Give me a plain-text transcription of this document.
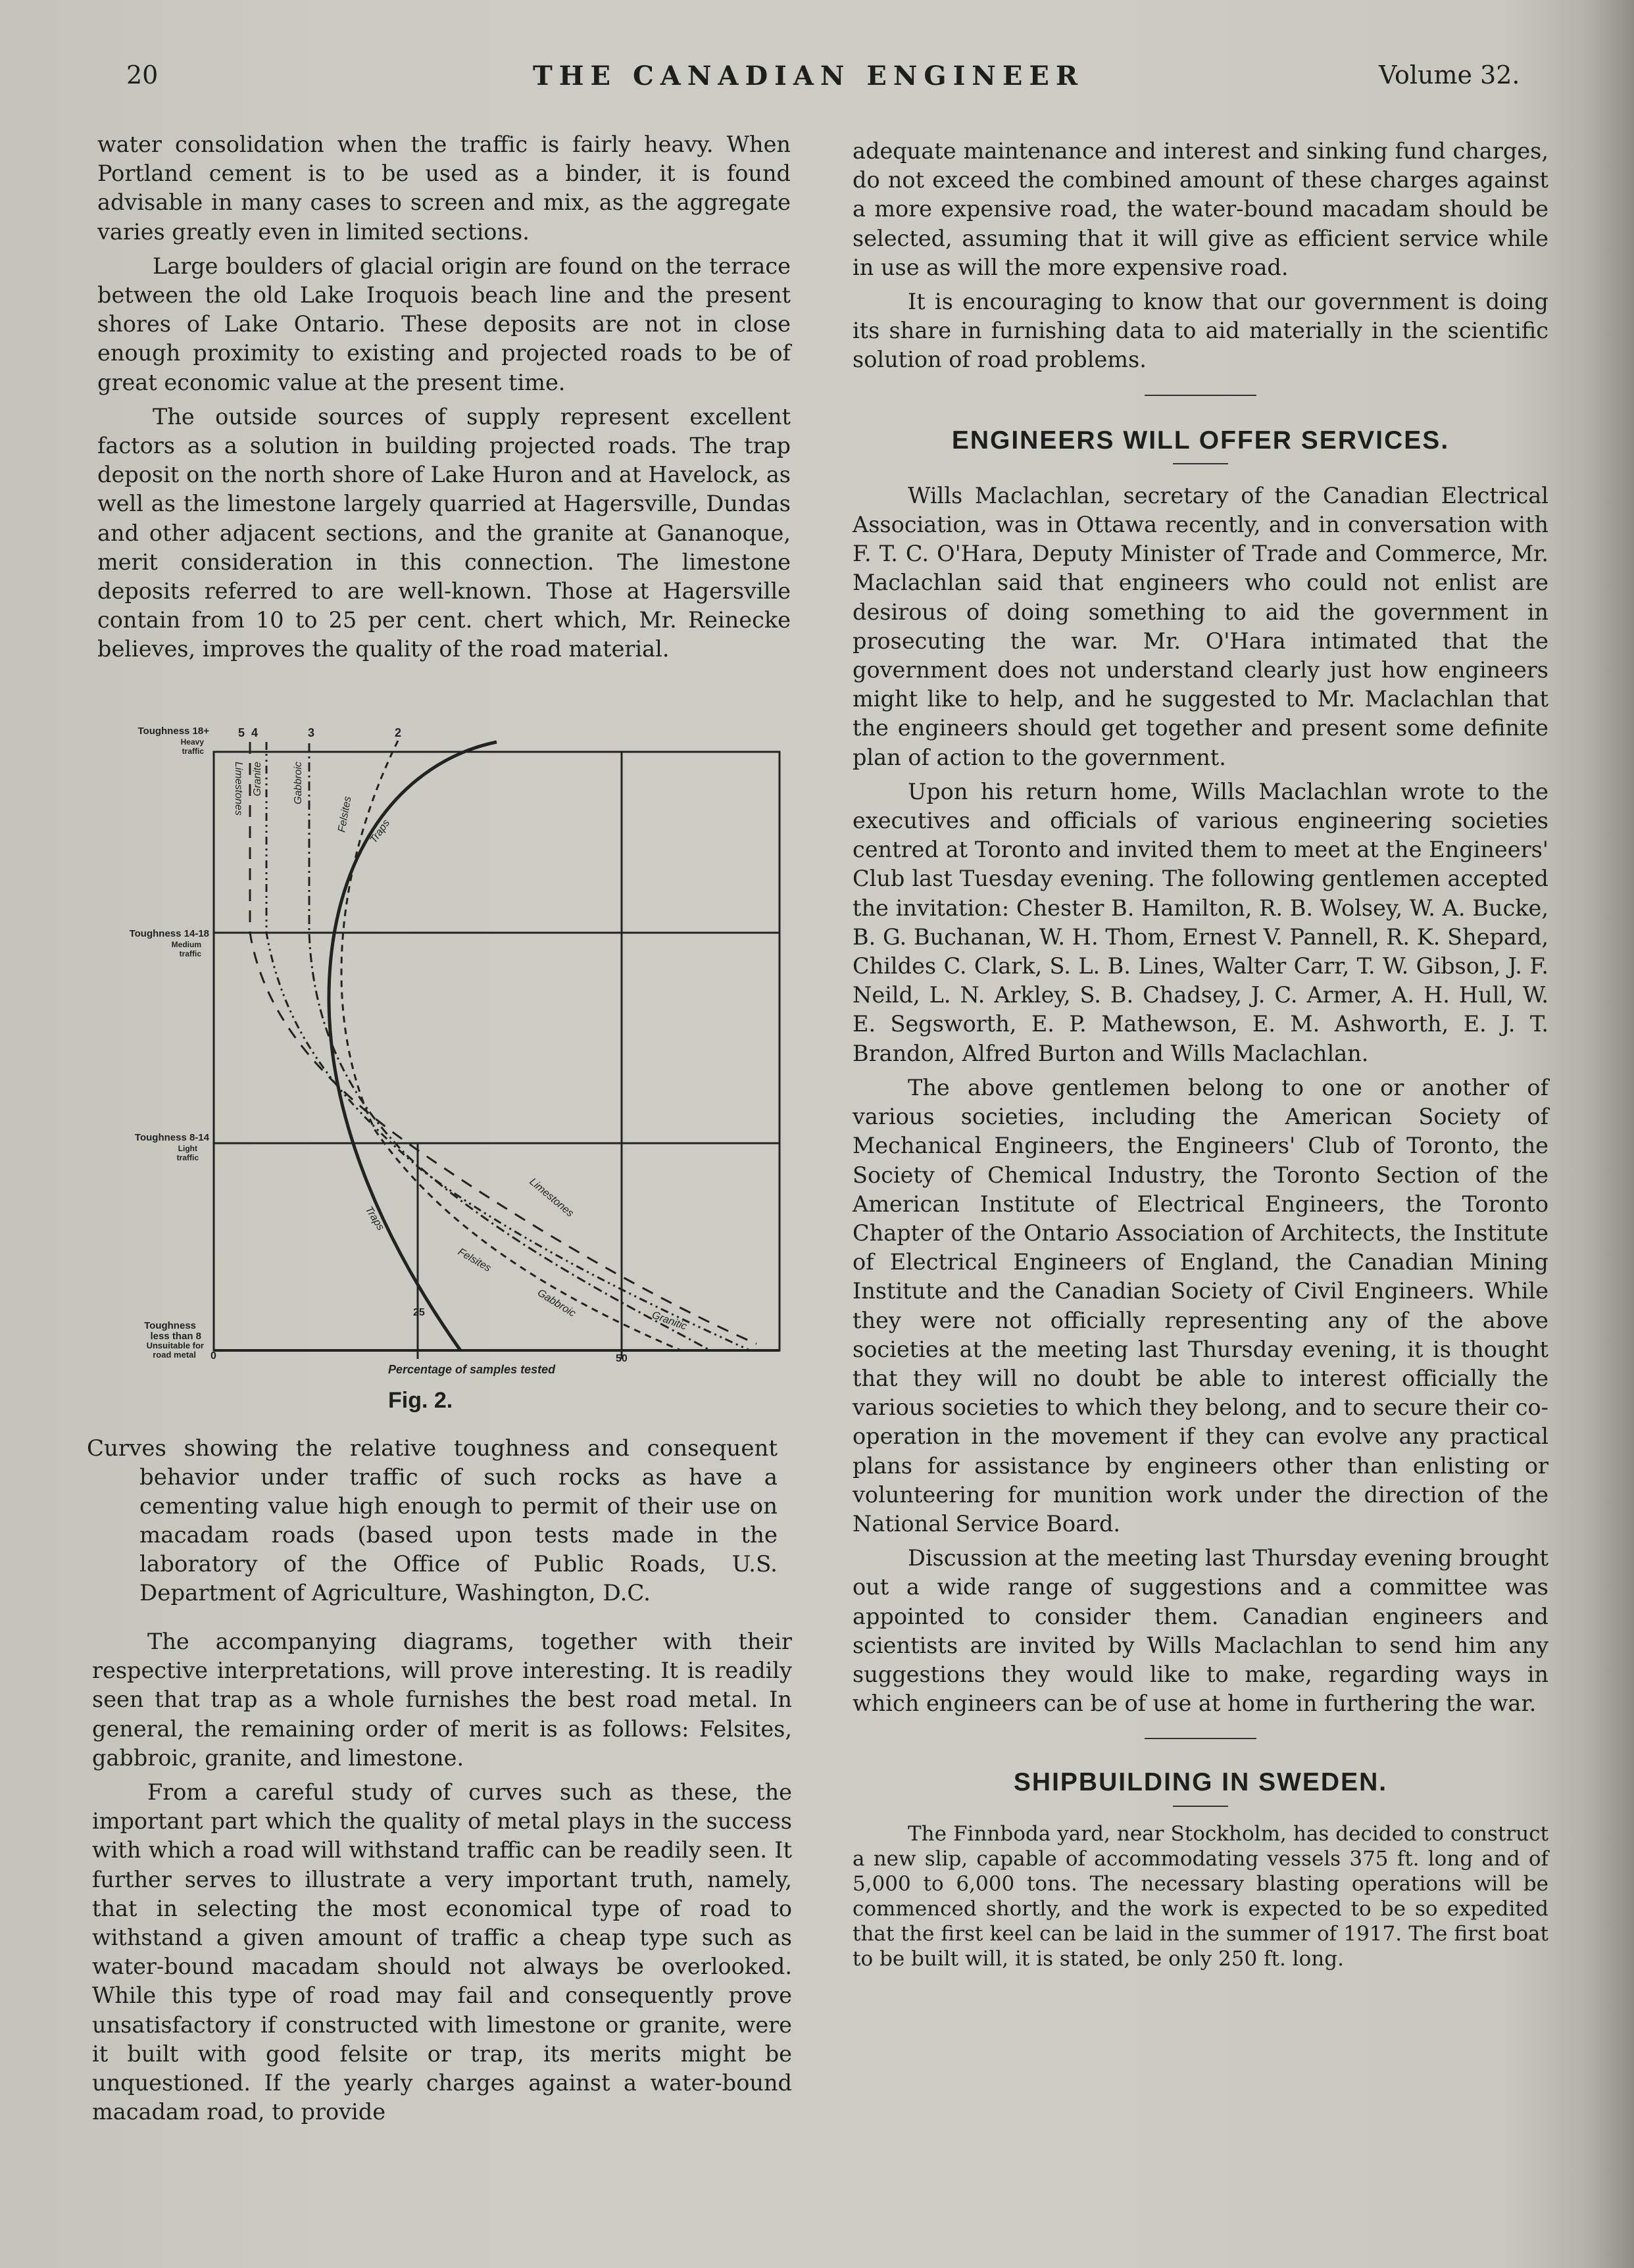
20	THE CANADIAN ENGINEER	Volume 32.

water consolidation when the traffic is fairly heavy. When Portland cement is to be used as a binder, it is found advisable in many cases to screen and mix, as the aggregate varies greatly even in limited sections.

Large boulders of glacial origin are found on the terrace between the old Lake Iroquois beach line and the present shores of Lake Ontario. These deposits are not in close enough proximity to existing and projected roads to be of great economic value at the present time.

The outside sources of supply represent excellent factors as a solution in building projected roads. The trap deposit on the north shore of Lake Huron and at Havelock, as well as the limestone largely quarried at Hagersville, Dundas and other adjacent sections, and the granite at Gananoque, merit consideration in this connection. The limestone deposits referred to are well-known. Those at Hagersville contain from 10 to 25 per cent. chert which, Mr. Reinecke believes, improves the quality of the road material.

5 4	3	2
Toughness 18+
Heavy
traffic
Toughness 14-18
Medium
traffic
Toughness 8-14
Light
traffic
Toughness
less than 8
Unsuitable for
road metal 0
25
50
Percentage of samples tested
Limestones Granite	Gabbroic
Felsites Traps
Limestones
Granitic
Gabbroic
Felsites
Traps
Fig. 2.
Curves showing the relative toughness and consequent behavior under traffic of such rocks as have a cementing value high enough to permit of their use on macadam roads (based upon tests made in the laboratory of the Office of Public Roads, U.S. Department of Agriculture, Washington, D.C.

The accompanying diagrams, together with their respective interpretations, will prove interesting. It is readily seen that trap as a whole furnishes the best road metal. In general, the remaining order of merit is as follows: Felsites, gabbroic, granite, and limestone.

From a careful study of curves such as these, the important part which the quality of metal plays in the success with which a road will withstand traffic can be readily seen. It further serves to illustrate a very important truth, namely, that in selecting the most economical type of road to withstand a given amount of traffic a cheap type such as water-bound macadam should not always be overlooked. While this type of road may fail and consequently prove unsatisfactory if constructed with limestone or granite, were it built with good felsite or trap, its merits might be unquestioned. If the yearly charges against a water-bound macadam road, to provide

adequate maintenance and interest and sinking fund charges, do not exceed the combined amount of these charges against a more expensive road, the water-bound macadam should be selected, assuming that it will give as efficient service while in use as will the more expensive road.

It is encouraging to know that our government is doing its share in furnishing data to aid materially in the scientific solution of road problems.

ENGINEERS WILL OFFER SERVICES.

Wills Maclachlan, secretary of the Canadian Electrical Association, was in Ottawa recently, and in conversation with F. T. C. O'Hara, Deputy Minister of Trade and Commerce, Mr. Maclachlan said that engineers who could not enlist are desirous of doing something to aid the government in prosecuting the war. Mr. O'Hara intimated that the government does not understand clearly just how engineers might like to help, and he suggested to Mr. Maclachlan that the engineers should get together and present some definite plan of action to the government.

Upon his return home, Wills Maclachlan wrote to the executives and officials of various engineering societies centred at Toronto and invited them to meet at the Engineers' Club last Tuesday evening. The following gentlemen accepted the invitation: Chester B. Hamilton, R. B. Wolsey, W. A. Bucke, B. G. Buchanan, W. H. Thom, Ernest V. Pannell, R. K. Shepard, Childes C. Clark, S. L. B. Lines, Walter Carr, T. W. Gibson, J. F. Neild, L. N. Arkley, S. B. Chadsey, J. C. Armer, A. H. Hull, W. E. Segsworth, E. P. Mathewson, E. M. Ashworth, E. J. T. Brandon, Alfred Burton and Wills Maclachlan.

The above gentlemen belong to one or another of various societies, including the American Society of Mechanical Engineers, the Engineers' Club of Toronto, the Society of Chemical Industry, the Toronto Section of the American Institute of Electrical Engineers, the Toronto Chapter of the Ontario Association of Architects, the Institute of Electrical Engineers of England, the Canadian Mining Institute and the Canadian Society of Civil Engineers. While they were not officially representing any of the above societies at the meeting last Thursday evening, it is thought that they will no doubt be able to interest officially the various societies to which they belong, and to secure their co-operation in the movement if they can evolve any practical plans for assistance by engineers other than enlisting or volunteering for munition work under the direction of the National Service Board.

Discussion at the meeting last Thursday evening brought out a wide range of suggestions and a committee was appointed to consider them. Canadian engineers and scientists are invited by Wills Maclachlan to send him any suggestions they would like to make, regarding ways in which engineers can be of use at home in furthering the war.

SHIPBUILDING IN SWEDEN.

The Finnboda yard, near Stockholm, has decided to construct a new slip, capable of accommodating vessels 375 ft. long and of 5,000 to 6,000 tons. The necessary blasting operations will be commenced shortly, and the work is expected to be so expedited that the first keel can be laid in the summer of 1917. The first boat to be built will, it is stated, be only 250 ft. long.
